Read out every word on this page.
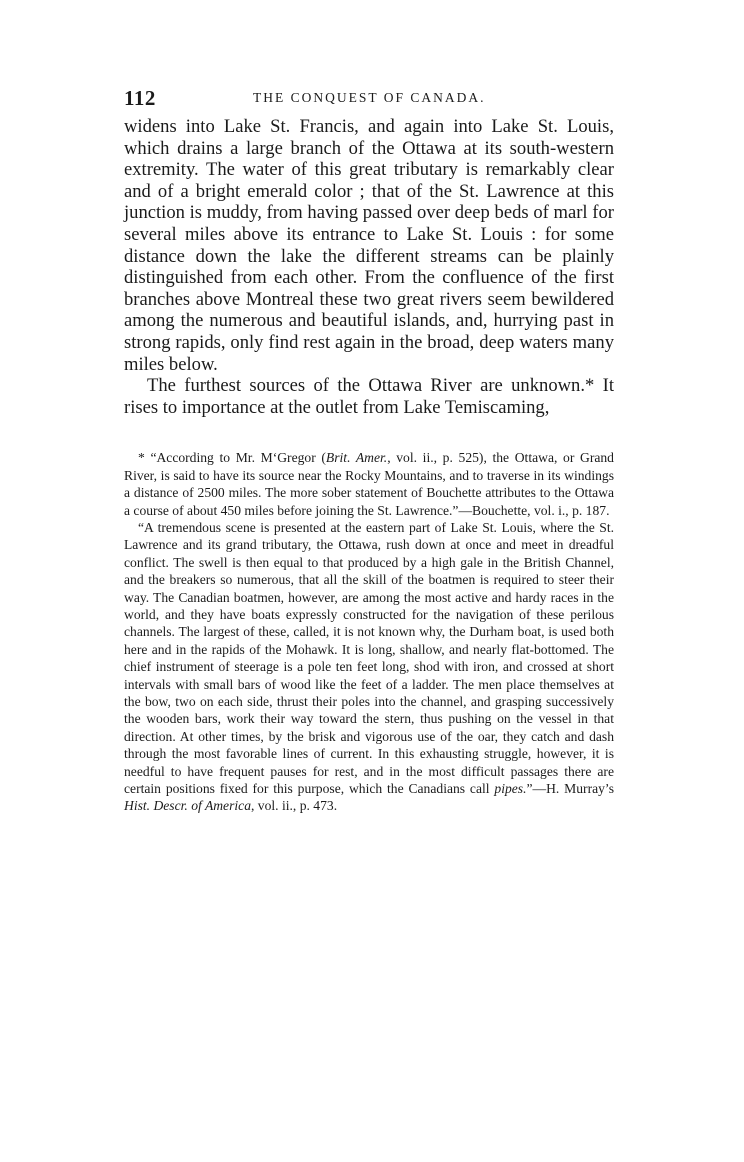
112	THE CONQUEST OF CANADA.

widens into Lake St. Francis, and again into Lake St. Louis, which drains a large branch of the Ottawa at its south-western extremity. The water of this great tributary is remarkably clear and of a bright emerald color ; that of the St. Lawrence at this junction is muddy, from having passed over deep beds of marl for several miles above its entrance to Lake St. Louis : for some distance down the lake the different streams can be plainly distinguished from each other. From the confluence of the first branches above Montreal these two great rivers seem bewildered among the numerous and beautiful islands, and, hurrying past in strong rapids, only find rest again in the broad, deep waters many miles below.

The furthest sources of the Ottawa River are unknown.* It rises to importance at the outlet from Lake Temiscaming,

* “According to Mr. M‘Gregor (Brit. Amer., vol. ii., p. 525), the Ottawa, or Grand River, is said to have its source near the Rocky Mountains, and to traverse in its windings a distance of 2500 miles. The more sober statement of Bouchette attributes to the Ottawa a course of about 450 miles before joining the St. Lawrence.”—Bouchette, vol. i., p. 187.

“A tremendous scene is presented at the eastern part of Lake St. Louis, where the St. Lawrence and its grand tributary, the Ottawa, rush down at once and meet in dreadful conflict. The swell is then equal to that produced by a high gale in the British Channel, and the breakers so numerous, that all the skill of the boatmen is required to steer their way. The Canadian boatmen, however, are among the most active and hardy races in the world, and they have boats expressly constructed for the navigation of these perilous channels. The largest of these, called, it is not known why, the Durham boat, is used both here and in the rapids of the Mohawk. It is long, shallow, and nearly flat-bottomed. The chief instrument of steerage is a pole ten feet long, shod with iron, and crossed at short intervals with small bars of wood like the feet of a ladder. The men place themselves at the bow, two on each side, thrust their poles into the channel, and grasping successively the wooden bars, work their way toward the stern, thus pushing on the vessel in that direction. At other times, by the brisk and vigorous use of the oar, they catch and dash through the most favorable lines of current. In this exhausting struggle, however, it is needful to have frequent pauses for rest, and in the most difficult passages there are certain positions fixed for this purpose, which the Canadians call pipes.”—H. Murray’s Hist. Descr. of America, vol. ii., p. 473.
